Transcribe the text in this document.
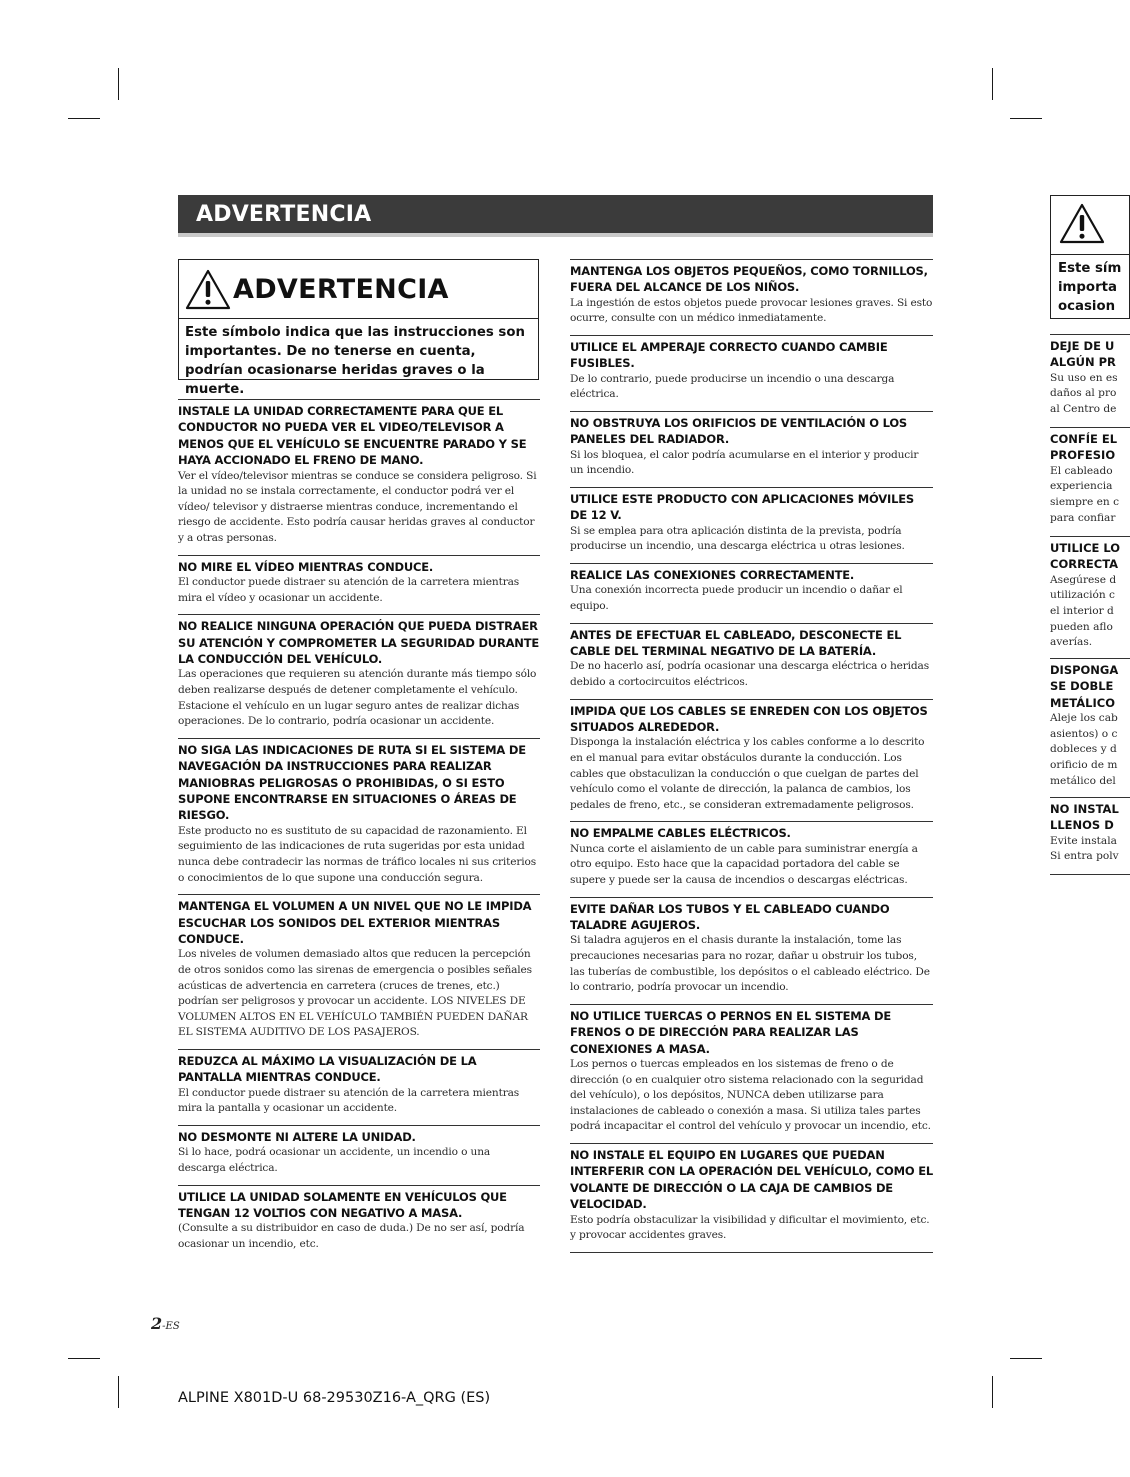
ADVERTENCIA
ADVERTENCIA
Este símbolo indica que las instrucciones son importantes. De no tenerse en cuenta, podrían ocasionarse heridas graves o la muerte.
INSTALE LA UNIDAD CORRECTAMENTE PARA QUE EL CONDUCTOR NO PUEDA VER EL VIDEO/TELEVISOR A MENOS QUE EL VEHÍCULO SE ENCUENTRE PARADO Y SE HAYA ACCIONADO EL FRENO DE MANO.

Ver el vídeo/televisor mientras se conduce se considera peligroso. Si la unidad no se instala correctamente, el conductor podrá ver el vídeo/ televisor y distraerse mientras conduce, incrementando el riesgo de accidente. Esto podría causar heridas graves al conductor y a otras personas.

NO MIRE EL VÍDEO MIENTRAS CONDUCE.

El conductor puede distraer su atención de la carretera mientras mira el vídeo y ocasionar un accidente.

NO REALICE NINGUNA OPERACIÓN QUE PUEDA DISTRAER SU ATENCIÓN Y COMPROMETER LA SEGURIDAD DURANTE LA CONDUCCIÓN DEL VEHÍCULO.

Las operaciones que requieren su atención durante más tiempo sólo deben realizarse después de detener completamente el vehículo. Estacione el vehículo en un lugar seguro antes de realizar dichas operaciones. De lo contrario, podría ocasionar un accidente.

NO SIGA LAS INDICACIONES DE RUTA SI EL SISTEMA DE NAVEGACIÓN DA INSTRUCCIONES PARA REALIZAR MANIOBRAS PELIGROSAS O PROHIBIDAS, O SI ESTO SUPONE ENCONTRARSE EN SITUACIONES O ÁREAS DE RIESGO.

Este producto no es sustituto de su capacidad de razonamiento. El seguimiento de las indicaciones de ruta sugeridas por esta unidad nunca debe contradecir las normas de tráfico locales ni sus criterios o conocimientos de lo que supone una conducción segura.

MANTENGA EL VOLUMEN A UN NIVEL QUE NO LE IMPIDA ESCUCHAR LOS SONIDOS DEL EXTERIOR MIENTRAS CONDUCE.

Los niveles de volumen demasiado altos que reducen la percepción de otros sonidos como las sirenas de emergencia o posibles señales acústicas de advertencia en carretera (cruces de trenes, etc.) podrían ser peligrosos y provocar un accidente. LOS NIVELES DE VOLUMEN ALTOS EN EL VEHÍCULO TAMBIÉN PUEDEN DAÑAR EL SISTEMA AUDITIVO DE LOS PASAJEROS.

REDUZCA AL MÁXIMO LA VISUALIZACIÓN DE LA PANTALLA MIENTRAS CONDUCE.

El conductor puede distraer su atención de la carretera mientras mira la pantalla y ocasionar un accidente.

NO DESMONTE NI ALTERE LA UNIDAD.

Si lo hace, podrá ocasionar un accidente, un incendio o una descarga eléctrica.

UTILICE LA UNIDAD SOLAMENTE EN VEHÍCULOS QUE TENGAN 12 VOLTIOS CON NEGATIVO A MASA.

(Consulte a su distribuidor en caso de duda.) De no ser así, podría ocasionar un incendio, etc.

MANTENGA LOS OBJETOS PEQUEÑOS, COMO TORNILLOS, FUERA DEL ALCANCE DE LOS NIÑOS.

La ingestión de estos objetos puede provocar lesiones graves. Si esto ocurre, consulte con un médico inmediatamente.

UTILICE EL AMPERAJE CORRECTO CUANDO CAMBIE FUSIBLES.

De lo contrario, puede producirse un incendio o una descarga eléctrica.

NO OBSTRUYA LOS ORIFICIOS DE VENTILACIÓN O LOS PANELES DEL RADIADOR.

Si los bloquea, el calor podría acumularse en el interior y producir un incendio.

UTILICE ESTE PRODUCTO CON APLICACIONES MÓVILES DE 12 V.

Si se emplea para otra aplicación distinta de la prevista, podría producirse un incendio, una descarga eléctrica u otras lesiones.

REALICE LAS CONEXIONES CORRECTAMENTE.

Una conexión incorrecta puede producir un incendio o dañar el equipo.

ANTES DE EFECTUAR EL CABLEADO, DESCONECTE EL CABLE DEL TERMINAL NEGATIVO DE LA BATERÍA.

De no hacerlo así, podría ocasionar una descarga eléctrica o heridas debido a cortocircuitos eléctricos.

IMPIDA QUE LOS CABLES SE ENREDEN CON LOS OBJETOS SITUADOS ALREDEDOR.

Disponga la instalación eléctrica y los cables conforme a lo descrito en el manual para evitar obstáculos durante la conducción. Los cables que obstaculizan la conducción o que cuelgan de partes del vehículo como el volante de dirección, la palanca de cambios, los pedales de freno, etc., se consideran extremadamente peligrosos.

NO EMPALME CABLES ELÉCTRICOS.

Nunca corte el aislamiento de un cable para suministrar energía a otro equipo. Esto hace que la capacidad portadora del cable se supere y puede ser la causa de incendios o descargas eléctricas.

EVITE DAÑAR LOS TUBOS Y EL CABLEADO CUANDO TALADRE AGUJEROS.

Si taladra agujeros en el chasis durante la instalación, tome las precauciones necesarias para no rozar, dañar u obstruir los tubos, las tuberías de combustible, los depósitos o el cableado eléctrico. De lo contrario, podría provocar un incendio.

NO UTILICE TUERCAS O PERNOS EN EL SISTEMA DE FRENOS O DE DIRECCIÓN PARA REALIZAR LAS CONEXIONES A MASA.

Los pernos o tuercas empleados en los sistemas de freno o de dirección (o en cualquier otro sistema relacionado con la seguridad del vehículo), o los depósitos, NUNCA deben utilizarse para instalaciones de cableado o conexión a masa. Si utiliza tales partes podrá incapacitar el control del vehículo y provocar un incendio, etc.

NO INSTALE EL EQUIPO EN LUGARES QUE PUEDAN INTERFERIR CON LA OPERACIÓN DEL VEHÍCULO, COMO EL VOLANTE DE DIRECCIÓN O LA CAJA DE CAMBIOS DE VELOCIDAD.

Esto podría obstaculizar la visibilidad y dificultar el movimiento, etc. y provocar accidentes graves.

Este sím
importa
ocasion
DEJE DE U
ALGÚN PR

Su uso en es
daños al pro
al Centro de

CONFÍE EL
PROFESIO

El cableado
experiencia
siempre en c
para confiar

UTILICE LO
CORRECTA

Asegúrese d
utilización c
el interior d
pueden aflo
averías.

DISPONGA
SE DOBLE
METÁLICO

Aleje los cab
asientos) o c
dobleces y d
orificio de m
metálico del

NO INSTAL
LLENOS D

Evite instala
Si entra polv

2-ES
ALPINE X801D-U 68-29530Z16-A_QRG (ES)
